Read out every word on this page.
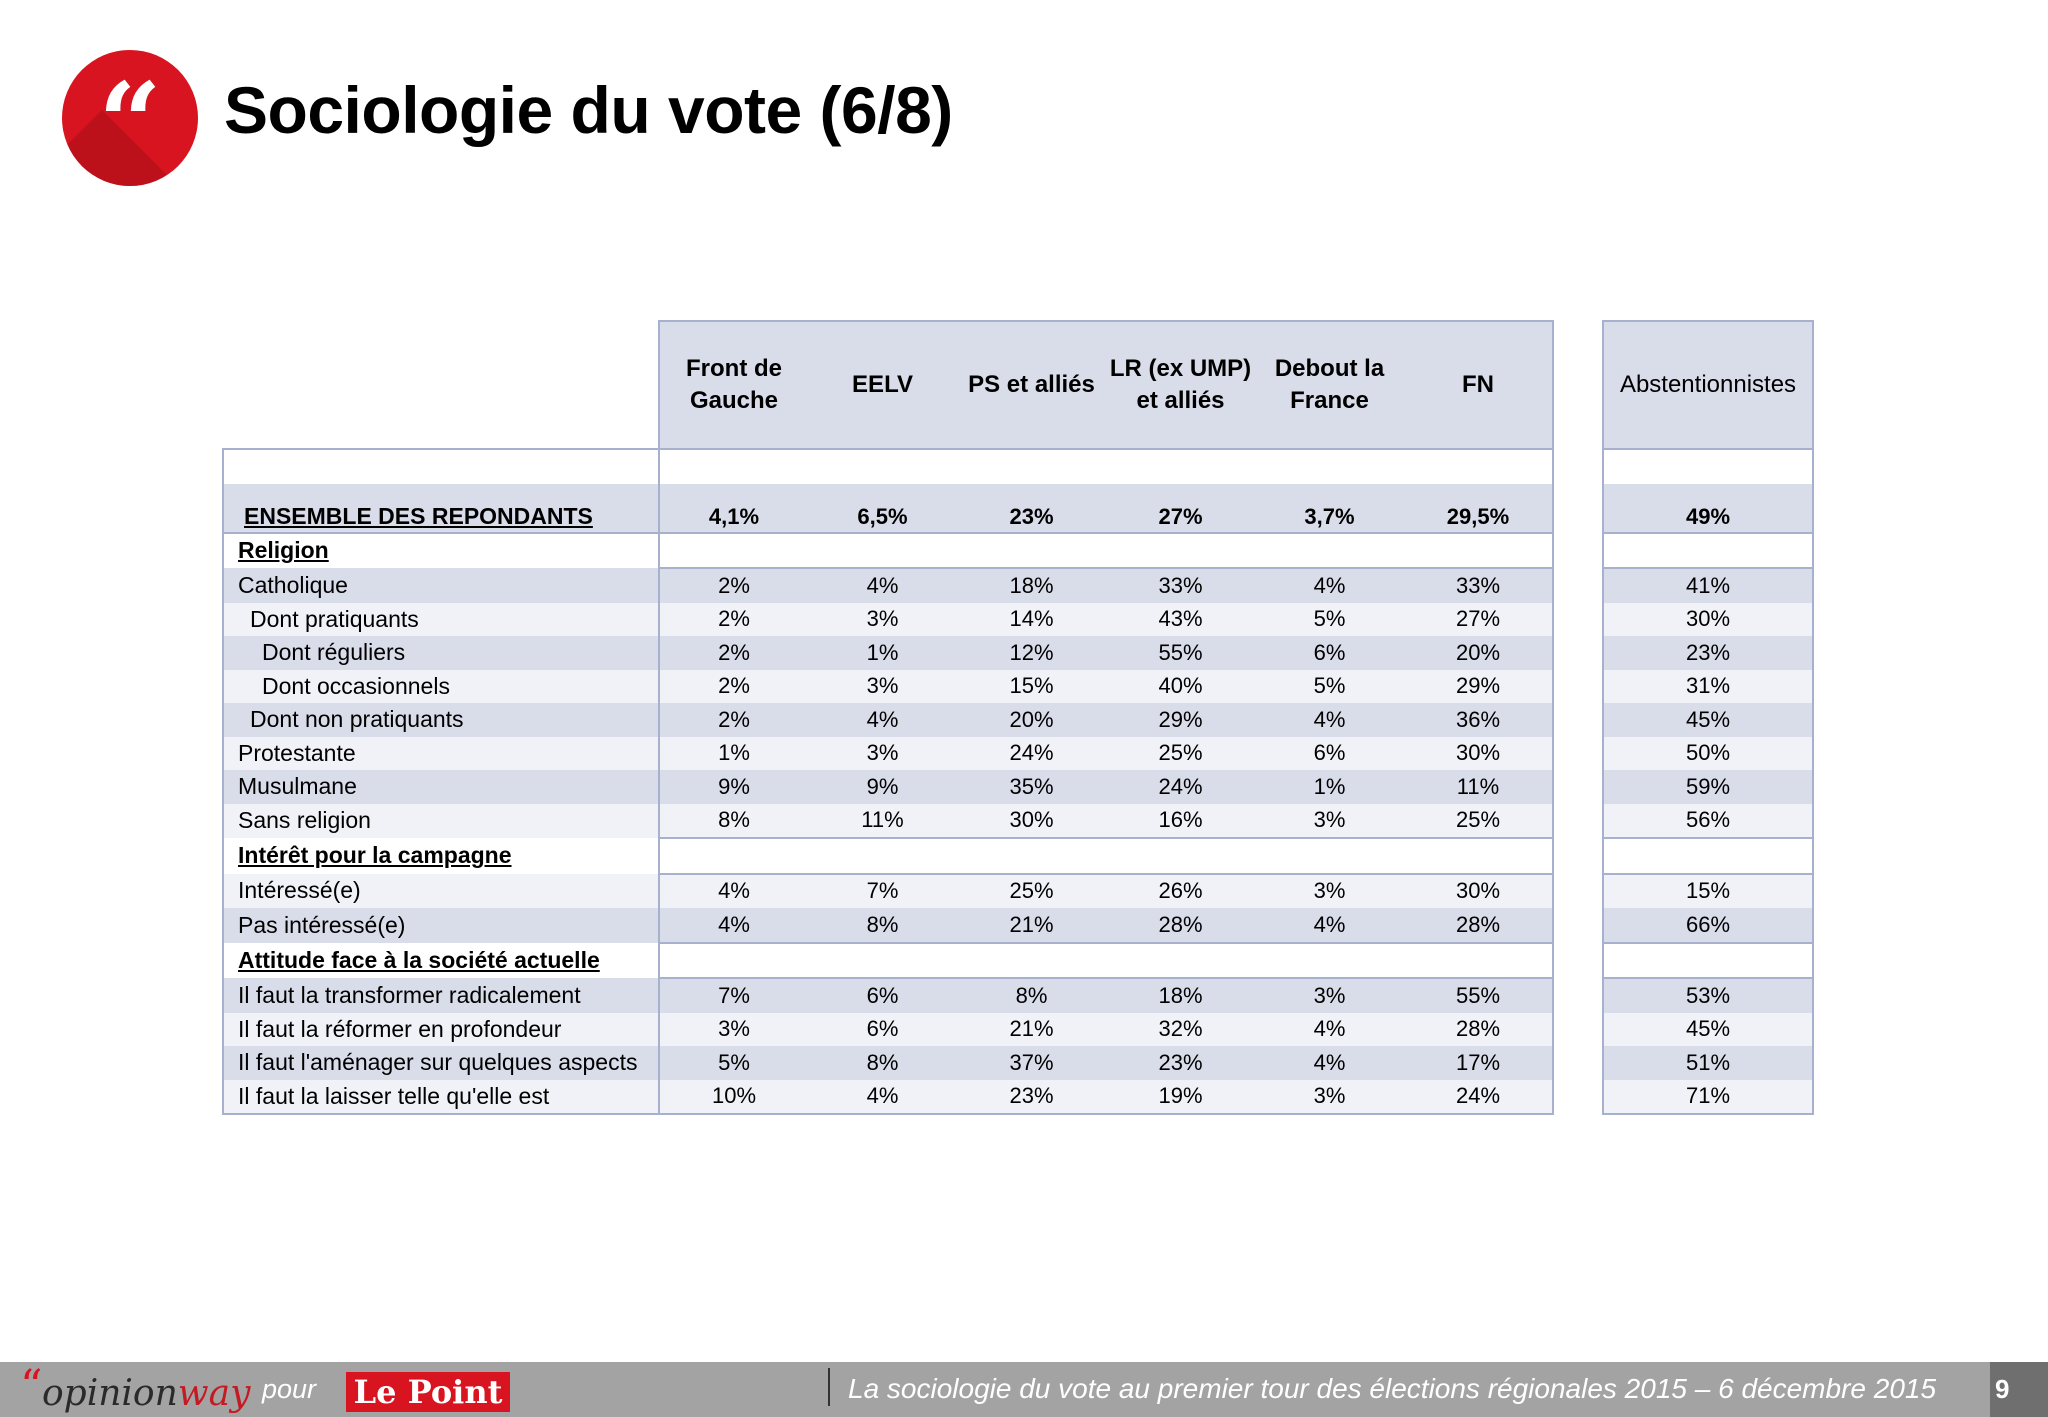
“ Sociologie du vote (6/8)
	Front de Gauche	EELV	PS et alliés	LR (ex UMP) et alliés	Debout la France	FN		Abstentionnistes

ENSEMBLE DES REPONDANTS	4,1%	6,5%	23%	27%	3,7%	29,5%		49%
Religion								
Catholique	2%	4%	18%	33%	4%	33%		41%
Dont pratiquants	2%	3%	14%	43%	5%	27%		30%
Dont réguliers	2%	1%	12%	55%	6%	20%		23%
Dont occasionnels	2%	3%	15%	40%	5%	29%		31%
Dont non pratiquants	2%	4%	20%	29%	4%	36%		45%
Protestante	1%	3%	24%	25%	6%	30%		50%
Musulmane	9%	9%	35%	24%	1%	11%		59%
Sans religion	8%	11%	30%	16%	3%	25%		56%
Intérêt pour la campagne								
Intéressé(e)	4%	7%	25%	26%	3%	30%		15%
Pas intéressé(e)	4%	8%	21%	28%	4%	28%		66%
Attitude face à la société actuelle								
Il faut la transformer radicalement	7%	6%	8%	18%	3%	55%		53%
Il faut la réformer en profondeur	3%	6%	21%	32%	4%	28%		45%
Il faut l'aménager sur quelques aspects	5%	8%	37%	23%	4%	17%		51%
Il faut la laisser telle qu'elle est	10%	4%	23%	19%	3%	24%		71%
“ opinionway pour Le Point	La sociologie du vote au premier tour des élections régionales 2015 – 6 décembre 2015 9
